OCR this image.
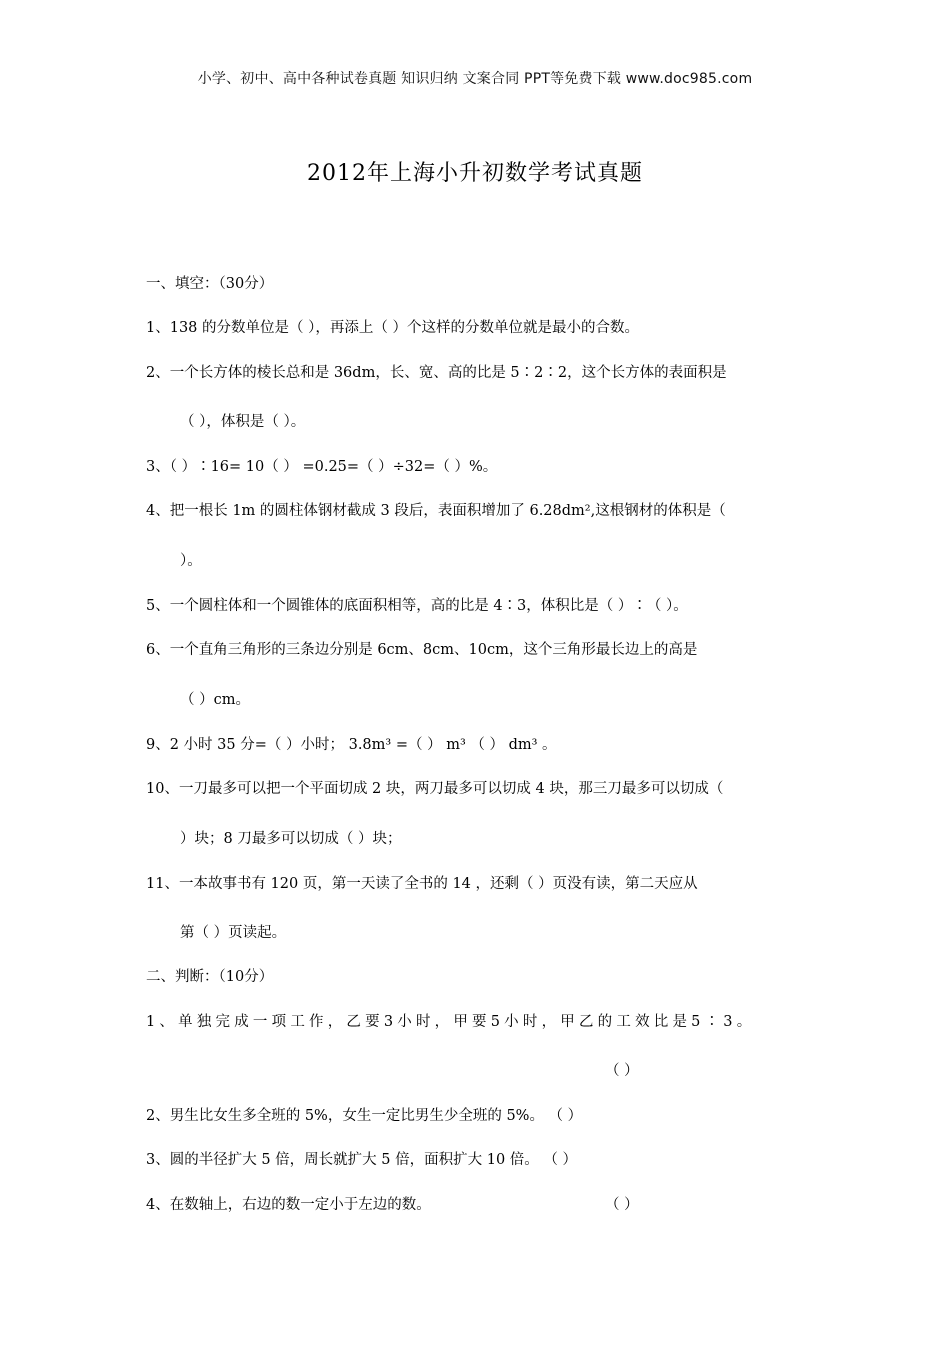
小学、初中、高中各种试卷真题 知识归纳 文案合同 PPT等免费下载 www.doc985.com
2012年上海小升初数学考试真题
一、填空：（30分）
1、138 的分数单位是（ ），再添上（ ）个这样的分数单位就是最小的合数。
2、一个长方体的棱长总和是 36dm，长、宽、高的比是 5∶2∶2，这个长方体的表面积是
（ ），体积是（ ）。
3、（ ）∶16= 10（ ） =0.25=（ ）÷32=（ ）%。
4、把一根长 1m 的圆柱体钢材截成 3 段后，表面积增加了 6.28dm²,这根钢材的体积是（
）。
5、一个圆柱体和一个圆锥体的底面积相等，高的比是 4∶3，体积比是（ ）∶（ ）。
6、一个直角三角形的三条边分别是 6cm、8cm、10cm，这个三角形最长边上的高是
（ ）cm。
9、2 小时 35 分=（ ）小时； 3.8m³ =（ ） m³ （ ） dm³ 。
10、一刀最多可以把一个平面切成 2 块，两刀最多可以切成 4 块，那三刀最多可以切成（
）块；8 刀最多可以切成（ ）块；
11、一本故事书有 120 页，第一天读了全书的 14 ，还剩（ ）页没有读，第二天应从
第（ ）页读起。
二、判断：（10分）
1、单独完成一项工作，乙要3小时，甲要5小时，甲乙的工效比是5∶3。
（ ）
2、男生比女生多全班的 5%，女生一定比男生少全班的 5%。 （ ）
3、圆的半径扩大 5 倍，周长就扩大 5 倍，面积扩大 10 倍。 （ ）
4、在数轴上，右边的数一定小于左边的数。	（ ）
